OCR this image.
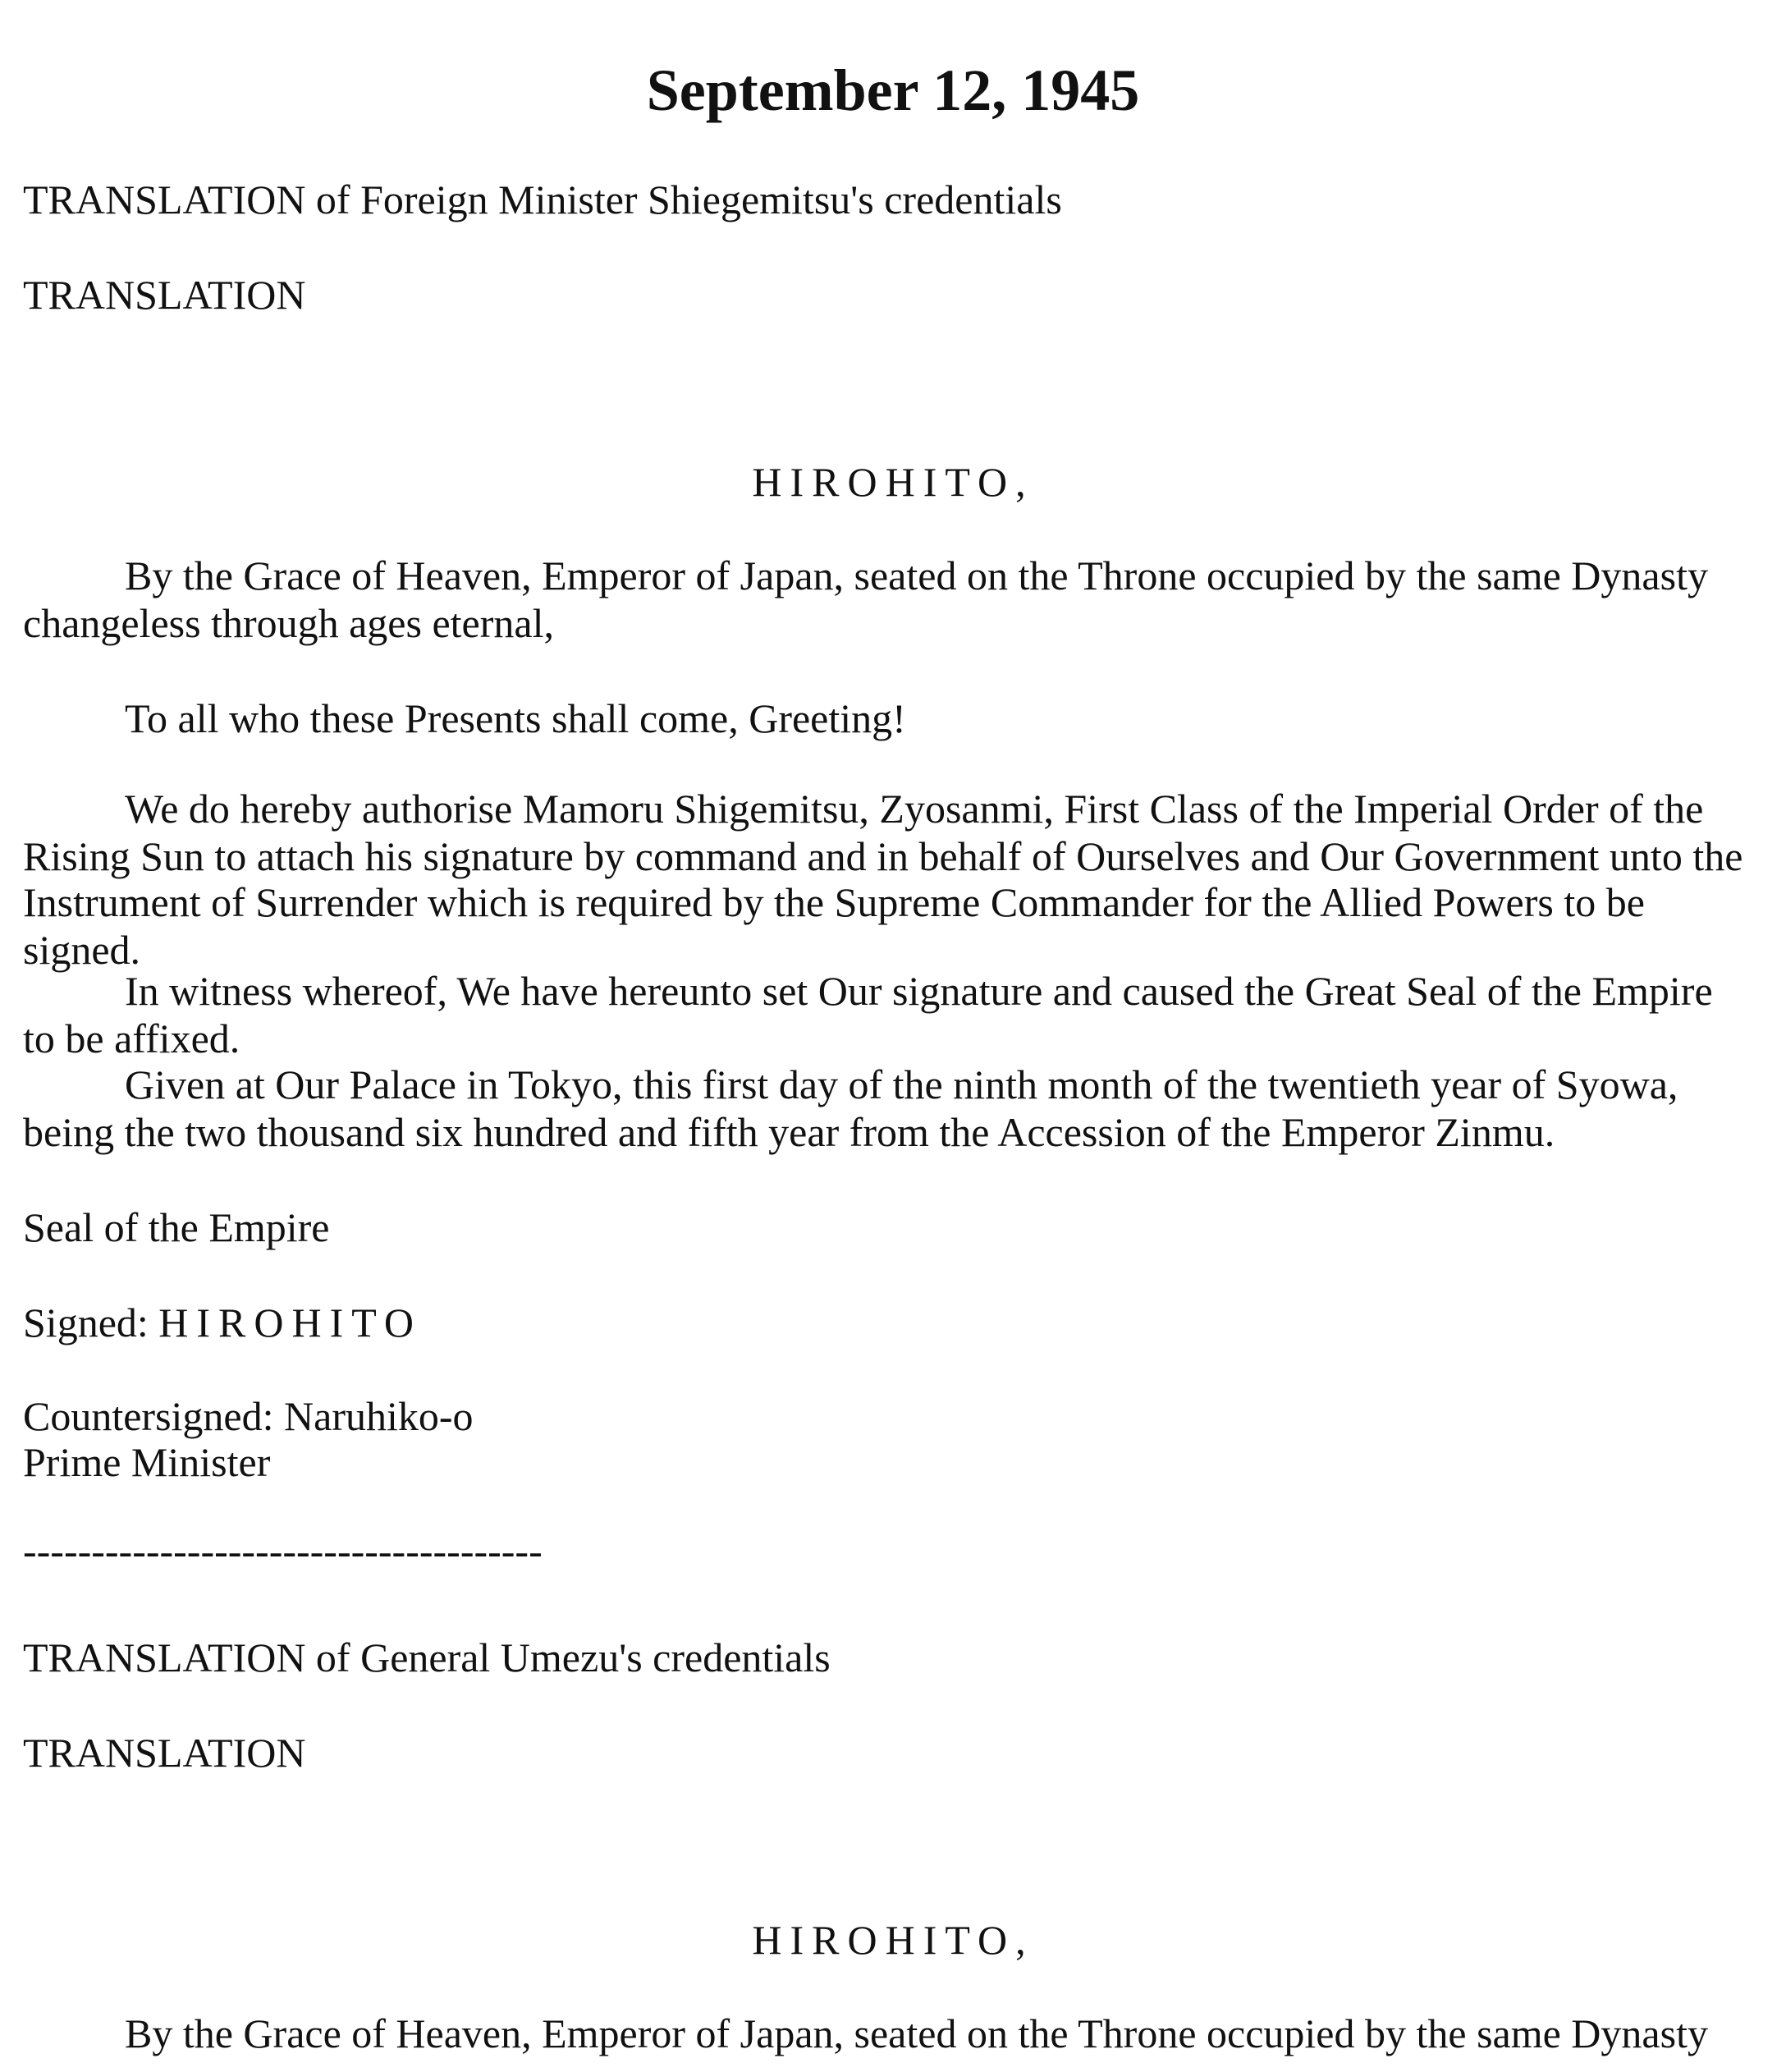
September 12, 1945
TRANSLATION of Foreign Minister Shiegemitsu's credentials
TRANSLATION
HIROHITO,
By the Grace of Heaven, Emperor of Japan, seated on the Throne occupied by the same Dynasty
changeless through ages eternal,
To all who these Presents shall come, Greeting!
We do hereby authorise Mamoru Shigemitsu, Zyosanmi, First Class of the Imperial Order of the
Rising Sun to attach his signature by command and in behalf of Ourselves and Our Government unto the
Instrument of Surrender which is required by the Supreme Commander for the Allied Powers to be
signed.
In witness whereof, We have hereunto set Our signature and caused the Great Seal of the Empire
to be affixed.
Given at Our Palace in Tokyo, this first day of the ninth month of the twentieth year of Syowa,
being the two thousand six hundred and fifth year from the Accession of the Emperor Zinmu.
Seal of the Empire
Signed: HIROHITO
Countersigned: Naruhiko-o
Prime Minister
--------------------------------------
TRANSLATION of General Umezu's credentials
TRANSLATION
HIROHITO,
By the Grace of Heaven, Emperor of Japan, seated on the Throne occupied by the same Dynasty
